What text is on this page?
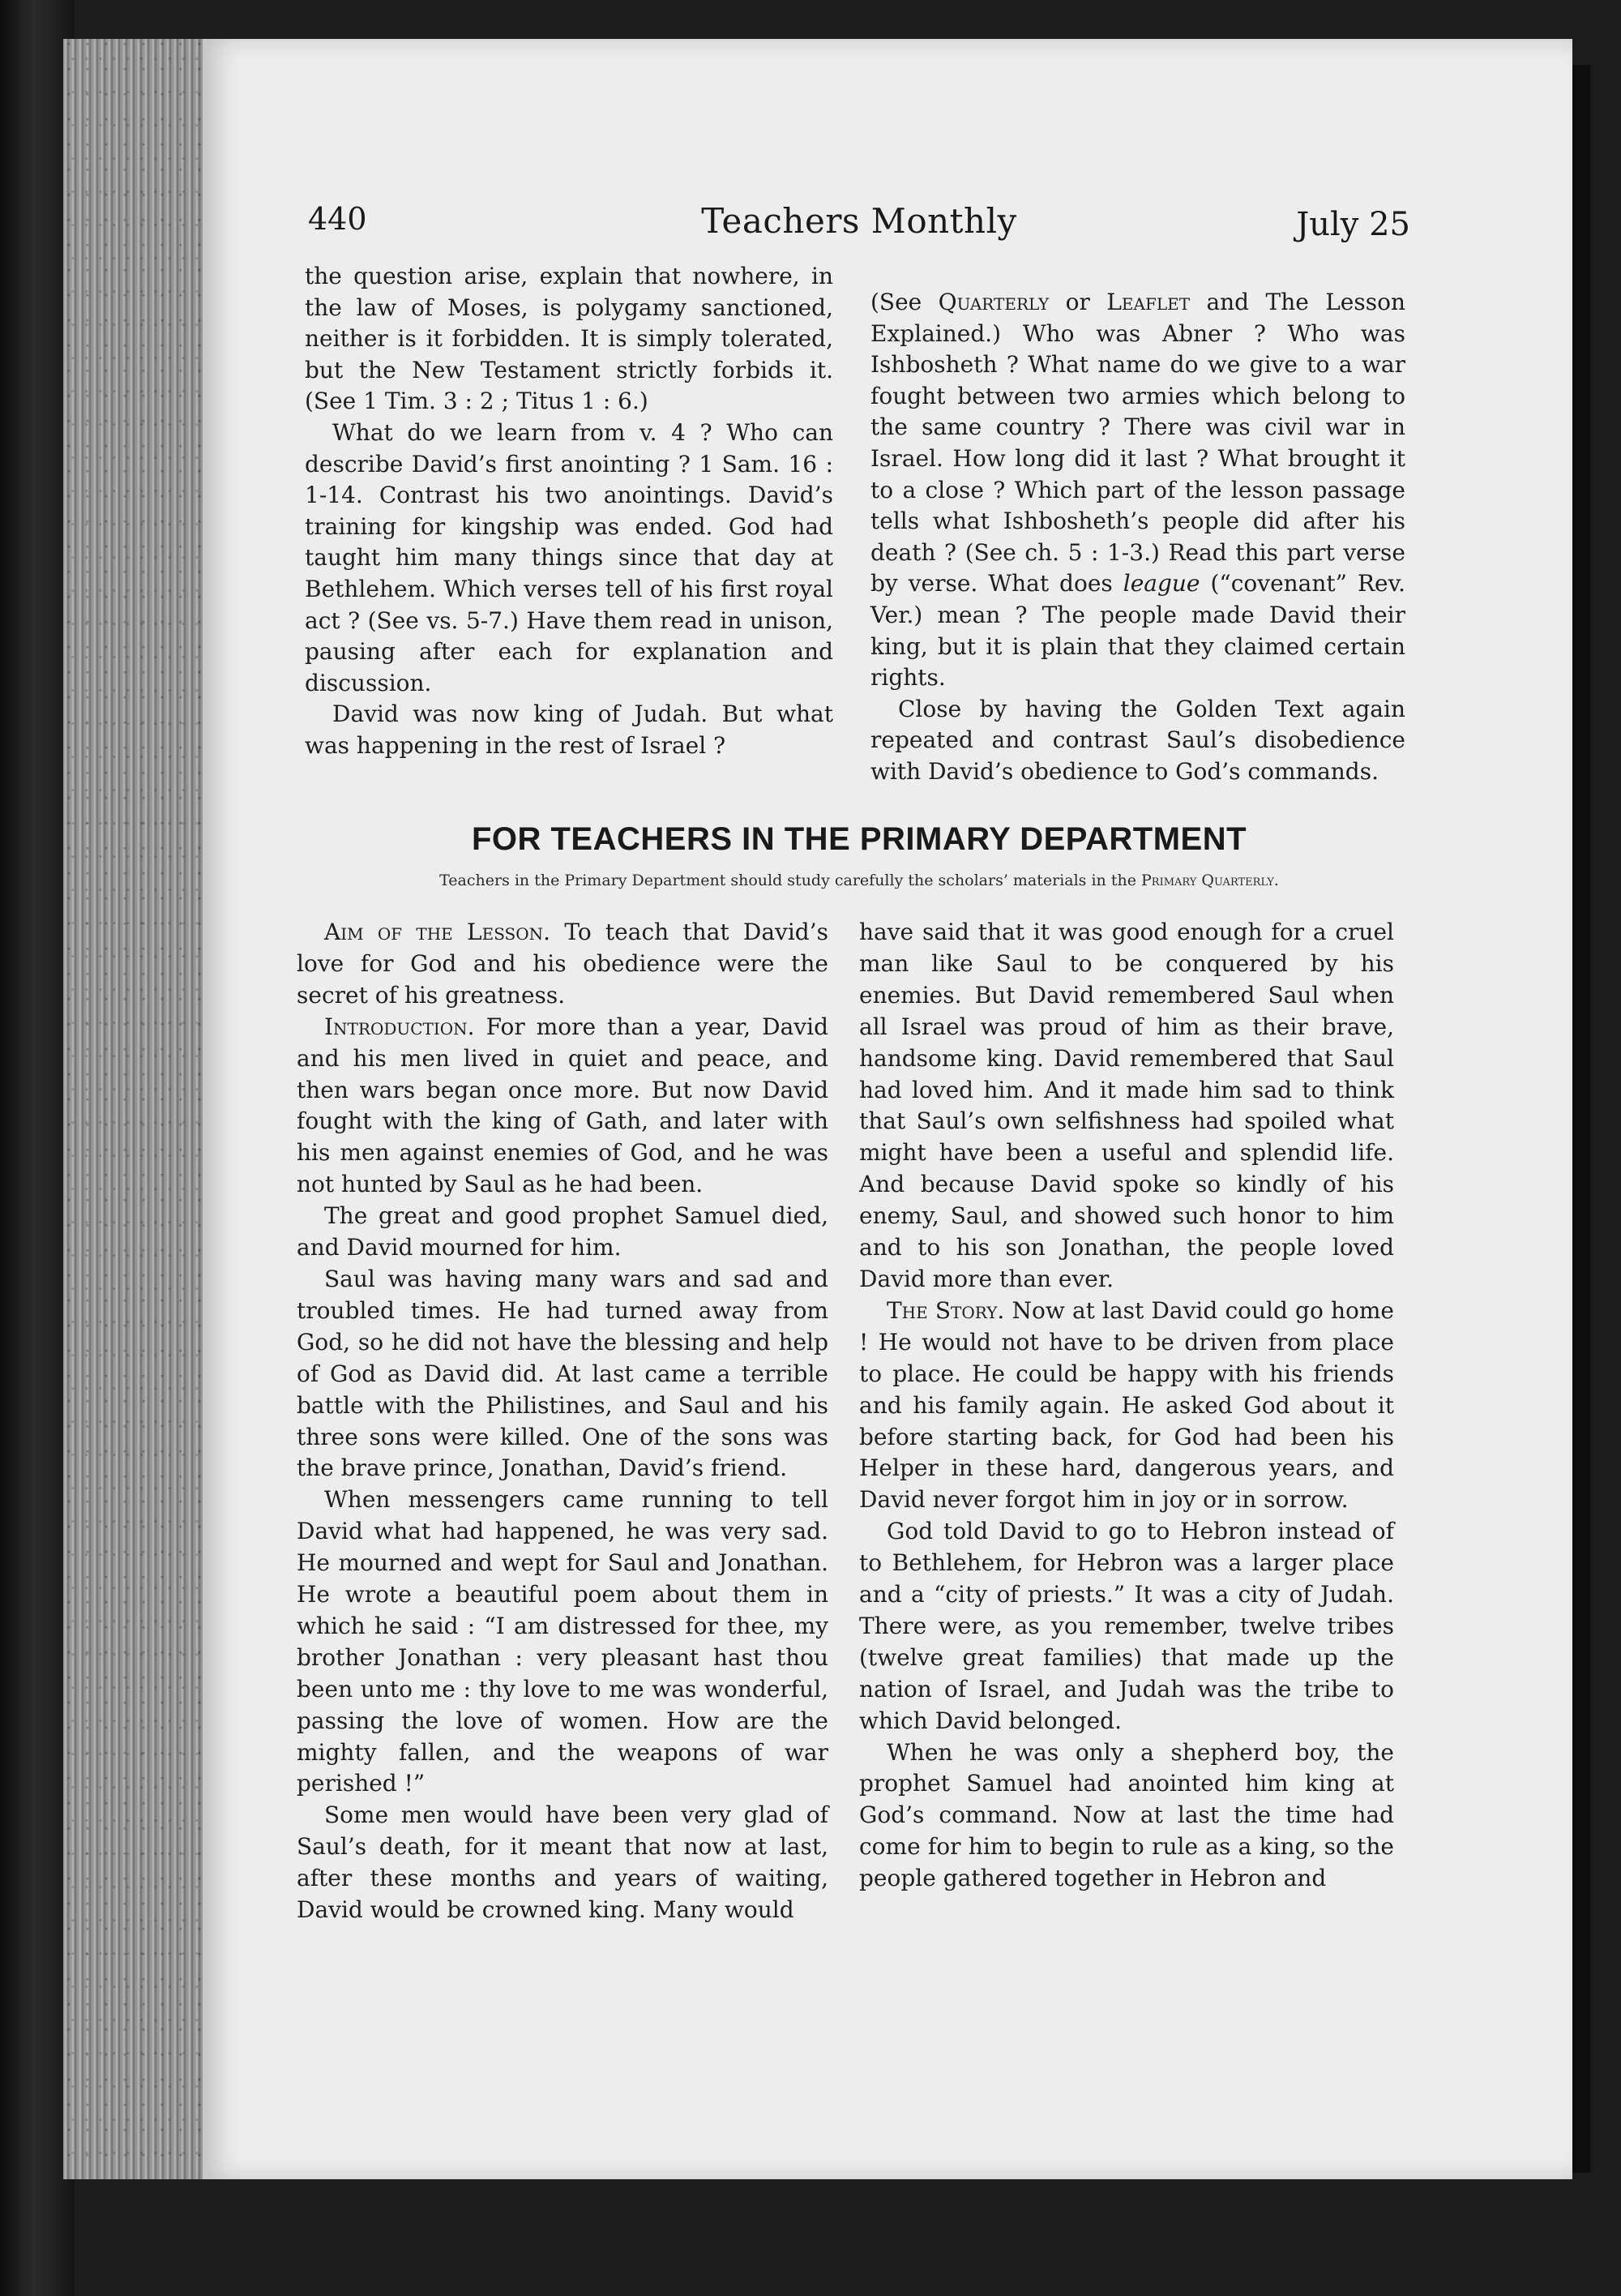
440	Teachers Monthly	July 25

the question arise, explain that nowhere, in the law of Moses, is polygamy sanctioned, neither is it forbidden. It is simply tolerated, but the New Testament strictly forbids it. (See 1 Tim. 3 : 2 ; Titus 1 : 6.)

What do we learn from v. 4 ? Who can describe David’s first anointing ? 1 Sam. 16 : 1-14. Contrast his two anointings. David’s training for kingship was ended. God had taught him many things since that day at Bethlehem. Which verses tell of his first royal act ? (See vs. 5-7.) Have them read in unison, pausing after each for explanation and discussion.

David was now king of Judah. But what was happening in the rest of Israel ?

(See Quarterly or Leaflet and The Lesson Explained.) Who was Abner ? Who was Ishbosheth ? What name do we give to a war fought between two armies which belong to the same country ? There was civil war in Israel. How long did it last ? What brought it to a close ? Which part of the lesson passage tells what Ishbosheth’s people did after his death ? (See ch. 5 : 1-3.) Read this part verse by verse. What does league (“covenant” Rev. Ver.) mean ? The people made David their king, but it is plain that they claimed certain rights.

Close by having the Golden Text again repeated and contrast Saul’s disobedience with David’s obedience to God’s commands.

FOR TEACHERS IN THE PRIMARY DEPARTMENT
Teachers in the Primary Department should study carefully the scholars’ materials in the Primary Quarterly.

Aim of the Lesson. To teach that David’s love for God and his obedience were the secret of his greatness.

Introduction. For more than a year, David and his men lived in quiet and peace, and then wars began once more. But now David fought with the king of Gath, and later with his men against enemies of God, and he was not hunted by Saul as he had been.

The great and good prophet Samuel died, and David mourned for him.

Saul was having many wars and sad and troubled times. He had turned away from God, so he did not have the blessing and help of God as David did. At last came a terrible battle with the Philistines, and Saul and his three sons were killed. One of the sons was the brave prince, Jonathan, David’s friend.

When messengers came running to tell David what had happened, he was very sad. He mourned and wept for Saul and Jonathan. He wrote a beautiful poem about them in which he said : “I am distressed for thee, my brother Jonathan : very pleasant hast thou been unto me : thy love to me was wonderful, passing the love of women. How are the mighty fallen, and the weapons of war perished !”

Some men would have been very glad of Saul’s death, for it meant that now at last, after these months and years of waiting, David would be crowned king. Many would

have said that it was good enough for a cruel man like Saul to be conquered by his enemies. But David remembered Saul when all Israel was proud of him as their brave, handsome king. David remembered that Saul had loved him. And it made him sad to think that Saul’s own selfishness had spoiled what might have been a useful and splendid life. And because David spoke so kindly of his enemy, Saul, and showed such honor to him and to his son Jonathan, the people loved David more than ever.

The Story. Now at last David could go home ! He would not have to be driven from place to place. He could be happy with his friends and his family again. He asked God about it before starting back, for God had been his Helper in these hard, dangerous years, and David never forgot him in joy or in sorrow.

God told David to go to Hebron instead of to Bethlehem, for Hebron was a larger place and a “city of priests.” It was a city of Judah. There were, as you remember, twelve tribes (twelve great families) that made up the nation of Israel, and Judah was the tribe to which David belonged.

When he was only a shepherd boy, the prophet Samuel had anointed him king at God’s command. Now at last the time had come for him to begin to rule as a king, so the people gathered together in Hebron and
